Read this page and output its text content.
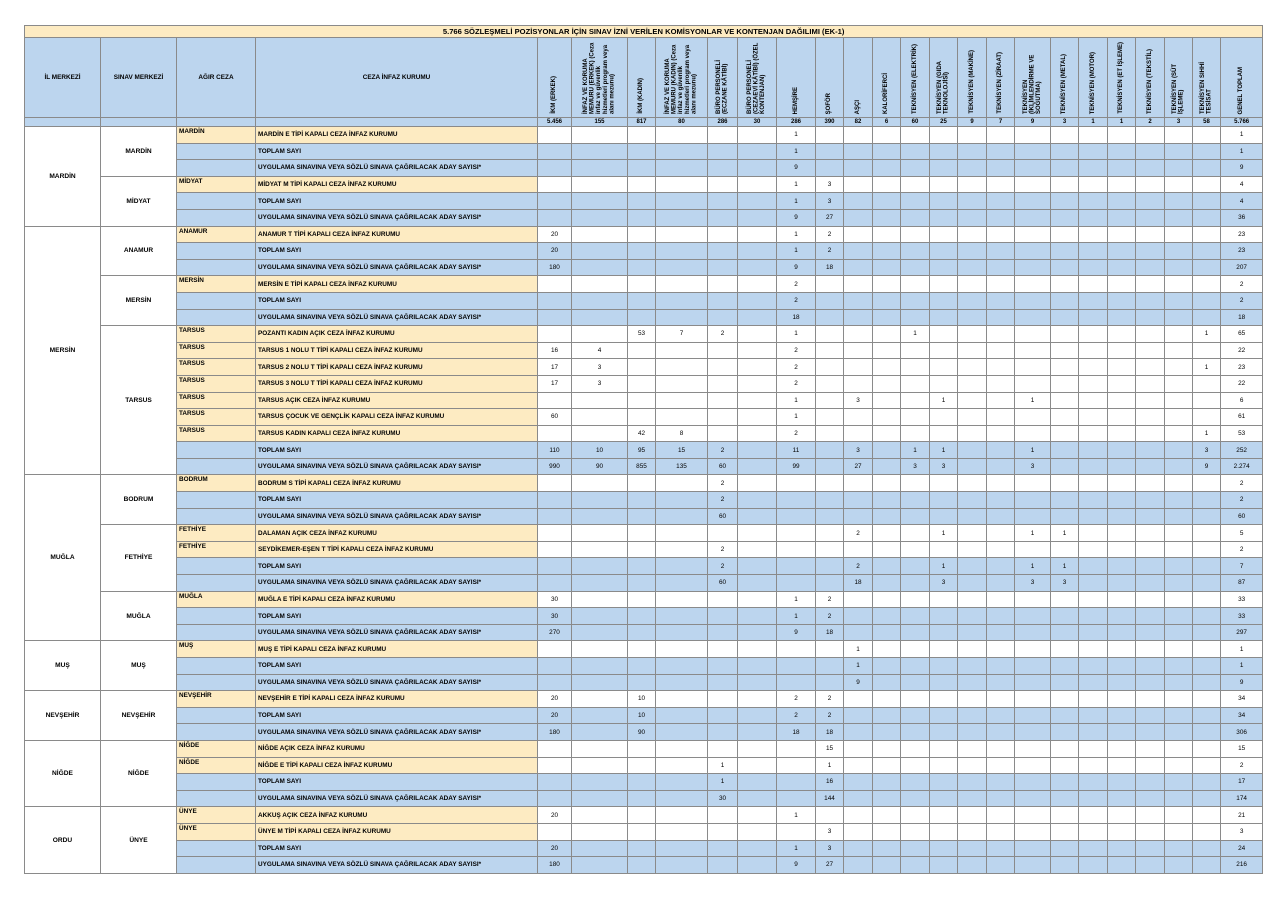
5.766 SÖZLEŞMELİ POZİSYONLAR İÇİN SINAV İZNİ VERİLEN KOMİSYONLAR VE KONTENJAN DAĞILIMI (EK-1)																									
İL MERKEZİ	SINAV MERKEZİ	AĞIR CEZA	CEZA İNFAZ KURUMU	İKM (ERKEK)	İNFAZ VE KORUMA MEMURU (ERKEK) (Ceza infaz ve güvenlik hizmetleri program veya alanı mezunu)	İKM (KADIN)	İNFAZ VE KORUMA MEMURU (KADIN) (Ceza infaz ve güvenlik hizmetleri program veya alanı mezunu)	BÜRO PERSONELİ (ECZANE KÂTİBİ)	BÜRO PERSONELİ (CEZAEVİ KÂTİBİ) (ÖZEL KONTENJAN)	HEMŞİRE	ŞOFÖR	AŞÇI	KALORİFERCİ	TEKNİSYEN (ELEKTRİK)	TEKNİSYEN (GIDA TEKNOLOJİSİ)	TEKNİSYEN (MAKİNE)	TEKNİSYEN (ZİRAAT)	TEKNİSYEN (İKLİMLENDİRME VE SOĞUTMA)	TEKNİSYEN (METAL)	TEKNİSYEN (MOTOR)	TEKNİSYEN (ET İŞLEME)	TEKNİSYEN (TEKSTİL)	TEKNİSYEN (SÜT İŞLEME)	TEKNİSYEN SIHHİ TESİSAT	GENEL TOPLAM
				5.456	155	817	80	286	30	286	390	82	6	60	25	9	7	9	3	1	1	2	3	58	5.766
MARDİN	MARDİN	MARDİN	MARDİN E TİPİ KAPALI CEZA İNFAZ KURUMU							1															1
			TOPLAM SAYI							1															1
			UYGULAMA SINAVINA VEYA SÖZLÜ SINAVA ÇAĞRILACAK ADAY SAYISI*							9															9
	MİDYAT	MİDYAT	MİDYAT M TİPİ KAPALI CEZA İNFAZ KURUMU							1	3														4
			TOPLAM SAYI							1	3														4
			UYGULAMA SINAVINA VEYA SÖZLÜ SINAVA ÇAĞRILACAK ADAY SAYISI*							9	27														36
MERSİN	ANAMUR	ANAMUR	ANAMUR T TİPİ KAPALI CEZA İNFAZ KURUMU	20						1	2														23
			TOPLAM SAYI	20						1	2														23
			UYGULAMA SINAVINA VEYA SÖZLÜ SINAVA ÇAĞRILACAK ADAY SAYISI*	180						9	18														207
	MERSİN	MERSİN	MERSİN E TİPİ KAPALI CEZA İNFAZ KURUMU							2															2
			TOPLAM SAYI							2															2
			UYGULAMA SINAVINA VEYA SÖZLÜ SINAVA ÇAĞRILACAK ADAY SAYISI*							18															18
	TARSUS	TARSUS	POZANTI KADIN AÇIK CEZA İNFAZ KURUMU			53	7	2		1				1										1	65
		TARSUS	TARSUS 1 NOLU T TİPİ KAPALI CEZA İNFAZ KURUMU	16	4					2															22
		TARSUS	TARSUS 2 NOLU T TİPİ KAPALI CEZA İNFAZ KURUMU	17	3					2														1	23
		TARSUS	TARSUS 3 NOLU T TİPİ KAPALI CEZA İNFAZ KURUMU	17	3					2															22
		TARSUS	TARSUS AÇIK CEZA İNFAZ KURUMU							1		3			1			1							6
		TARSUS	TARSUS ÇOCUK VE GENÇLİK KAPALI CEZA İNFAZ KURUMU	60						1															61
		TARSUS	TARSUS KADIN KAPALI CEZA İNFAZ KURUMU			42	8			2														1	53
			TOPLAM SAYI	110	10	95	15	2		11		3		1	1			1						3	252
			UYGULAMA SINAVINA VEYA SÖZLÜ SINAVA ÇAĞRILACAK ADAY SAYISI*	990	90	855	135	60		99		27		3	3			3						9	2.274
MUĞLA	BODRUM	BODRUM	BODRUM S TİPİ KAPALI CEZA İNFAZ KURUMU					2																	2
			TOPLAM SAYI					2																	2
			UYGULAMA SINAVINA VEYA SÖZLÜ SINAVA ÇAĞRILACAK ADAY SAYISI*					60																	60
	FETHİYE	FETHİYE	DALAMAN AÇIK CEZA İNFAZ KURUMU									2			1			1	1						5
		FETHİYE	SEYDİKEMER-EŞEN T TİPİ KAPALI CEZA İNFAZ KURUMU					2																	2
			TOPLAM SAYI					2				2			1			1	1						7
			UYGULAMA SINAVINA VEYA SÖZLÜ SINAVA ÇAĞRILACAK ADAY SAYISI*					60				18			3			3	3						87
	MUĞLA	MUĞLA	MUĞLA E TİPİ KAPALI CEZA İNFAZ KURUMU	30						1	2														33
			TOPLAM SAYI	30						1	2														33
			UYGULAMA SINAVINA VEYA SÖZLÜ SINAVA ÇAĞRILACAK ADAY SAYISI*	270						9	18														297
MUŞ	MUŞ	MUŞ	MUŞ E TİPİ KAPALI CEZA İNFAZ KURUMU									1													1
			TOPLAM SAYI									1													1
			UYGULAMA SINAVINA VEYA SÖZLÜ SINAVA ÇAĞRILACAK ADAY SAYISI*									9													9
NEVŞEHİR	NEVŞEHİR	NEVŞEHİR	NEVŞEHİR E TİPİ KAPALI CEZA İNFAZ KURUMU	20		10				2	2														34
			TOPLAM SAYI	20		10				2	2														34
			UYGULAMA SINAVINA VEYA SÖZLÜ SINAVA ÇAĞRILACAK ADAY SAYISI*	180		90				18	18														306
NİĞDE	NİĞDE	NİĞDE	NİĞDE AÇIK CEZA İNFAZ KURUMU								15														15
		NİĞDE	NİĞDE E TİPİ KAPALI CEZA İNFAZ KURUMU					1			1														2
			TOPLAM SAYI					1			16														17
			UYGULAMA SINAVINA VEYA SÖZLÜ SINAVA ÇAĞRILACAK ADAY SAYISI*					30			144														174
ORDU	ÜNYE	ÜNYE	AKKUŞ AÇIK CEZA İNFAZ KURUMU	20						1															21
		ÜNYE	ÜNYE M TİPİ KAPALI CEZA İNFAZ KURUMU								3														3
			TOPLAM SAYI	20						1	3														24
			UYGULAMA SINAVINA VEYA SÖZLÜ SINAVA ÇAĞRILACAK ADAY SAYISI*	180						9	27														216
